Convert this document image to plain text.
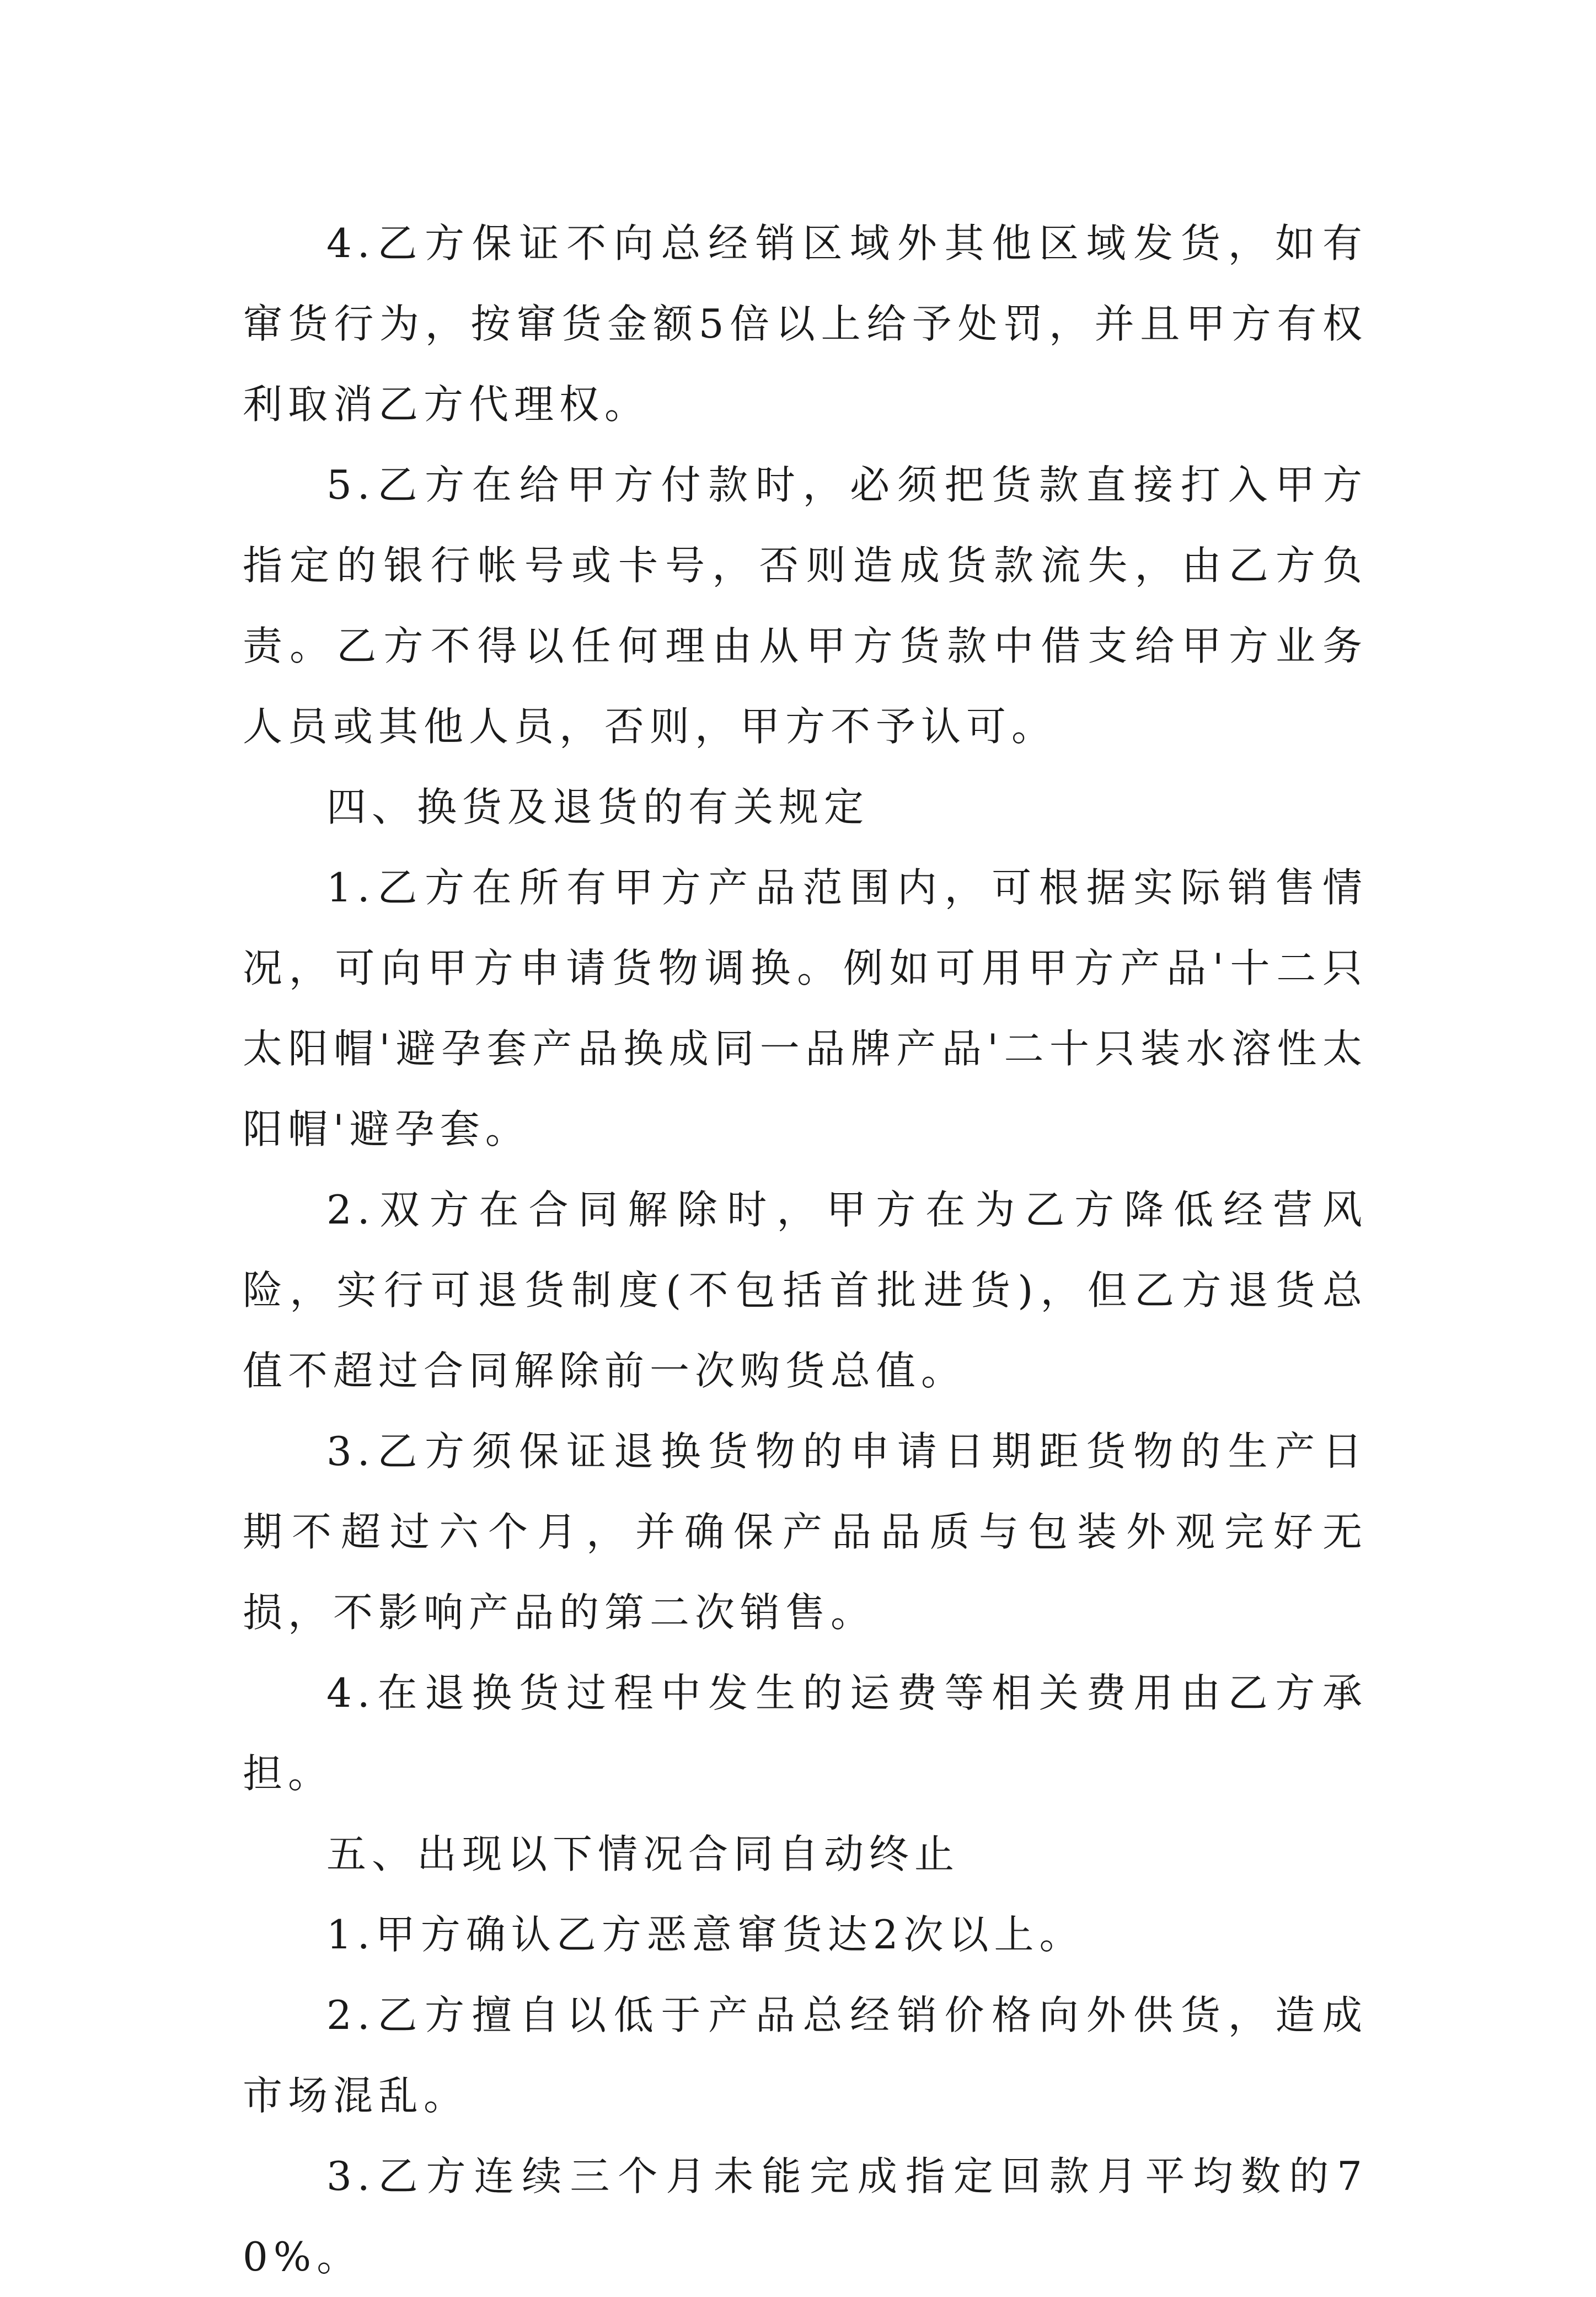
4.乙方保证不向总经销区域外其他区域发货，如有窜货行为，按窜货金额5倍以上给予处罚，并且甲方有权利取消乙方代理权。

5.乙方在给甲方付款时，必须把货款直接打入甲方指定的银行帐号或卡号，否则造成货款流失，由乙方负责。乙方不得以任何理由从甲方货款中借支给甲方业务人员或其他人员，否则，甲方不予认可。

四、换货及退货的有关规定

1.乙方在所有甲方产品范围内，可根据实际销售情况，可向甲方申请货物调换。例如可用甲方产品'十二只太阳帽'避孕套产品换成同一品牌产品'二十只装水溶性太阳帽'避孕套。

2.双方在合同解除时，甲方在为乙方降低经营风险，实行可退货制度(不包括首批进货)，但乙方退货总值不超过合同解除前一次购货总值。

3.乙方须保证退换货物的申请日期距货物的生产日期不超过六个月，并确保产品品质与包装外观完好无损，不影响产品的第二次销售。

4.在退换货过程中发生的运费等相关费用由乙方承担。

五、出现以下情况合同自动终止

1.甲方确认乙方恶意窜货达2次以上。

2.乙方擅自以低于产品总经销价格向外供货，造成市场混乱。

3.乙方连续三个月未能完成指定回款月平均数的70%。
